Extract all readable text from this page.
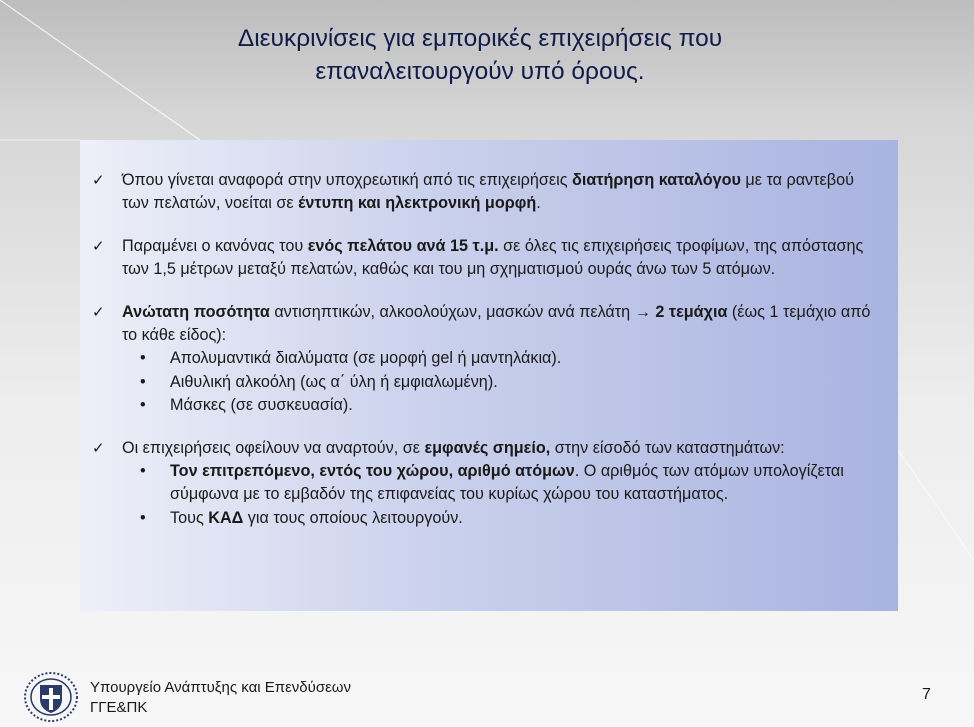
Διευκρινίσεις για εμπορικές επιχειρήσεις που
επαναλειτουργούν υπό όρους.
✓ Όπου γίνεται αναφορά στην υποχρεωτική από τις επιχειρήσεις διατήρηση καταλόγου με τα ραντεβού των πελατών, νοείται σε έντυπη και ηλεκτρονική μορφή.
✓ Παραμένει ο κανόνας του ενός πελάτου ανά 15 τ.μ. σε όλες τις επιχειρήσεις τροφίμων, της απόστασης των 1,5 μέτρων μεταξύ πελατών, καθώς και του μη σχηματισμού ουράς άνω των 5 ατόμων.
✓ Ανώτατη ποσότητα αντισηπτικών, αλκοολούχων, μασκών ανά πελάτη → 2 τεμάχια (έως 1 τεμάχιο από το κάθε είδος):
• Απολυμαντικά διαλύματα (σε μορφή gel ή μαντηλάκια).
• Αιθυλική αλκοόλη (ως α΄ ύλη ή εμφιαλωμένη).
• Μάσκες (σε συσκευασία).
✓ Οι επιχειρήσεις οφείλουν να αναρτούν, σε εμφανές σημείο, στην είσοδό των καταστημάτων:
• Τον επιτρεπόμενο, εντός του χώρου, αριθμό ατόμων. Ο αριθμός των ατόμων υπολογίζεται σύμφωνα με το εμβαδόν της επιφανείας του κυρίως χώρου του καταστήματος.
• Τους ΚΑΔ για τους οποίους λειτουργούν.
Υπουργείο Ανάπτυξης και Επενδύσεων
ΓΓΕ&ΠΚ
7
